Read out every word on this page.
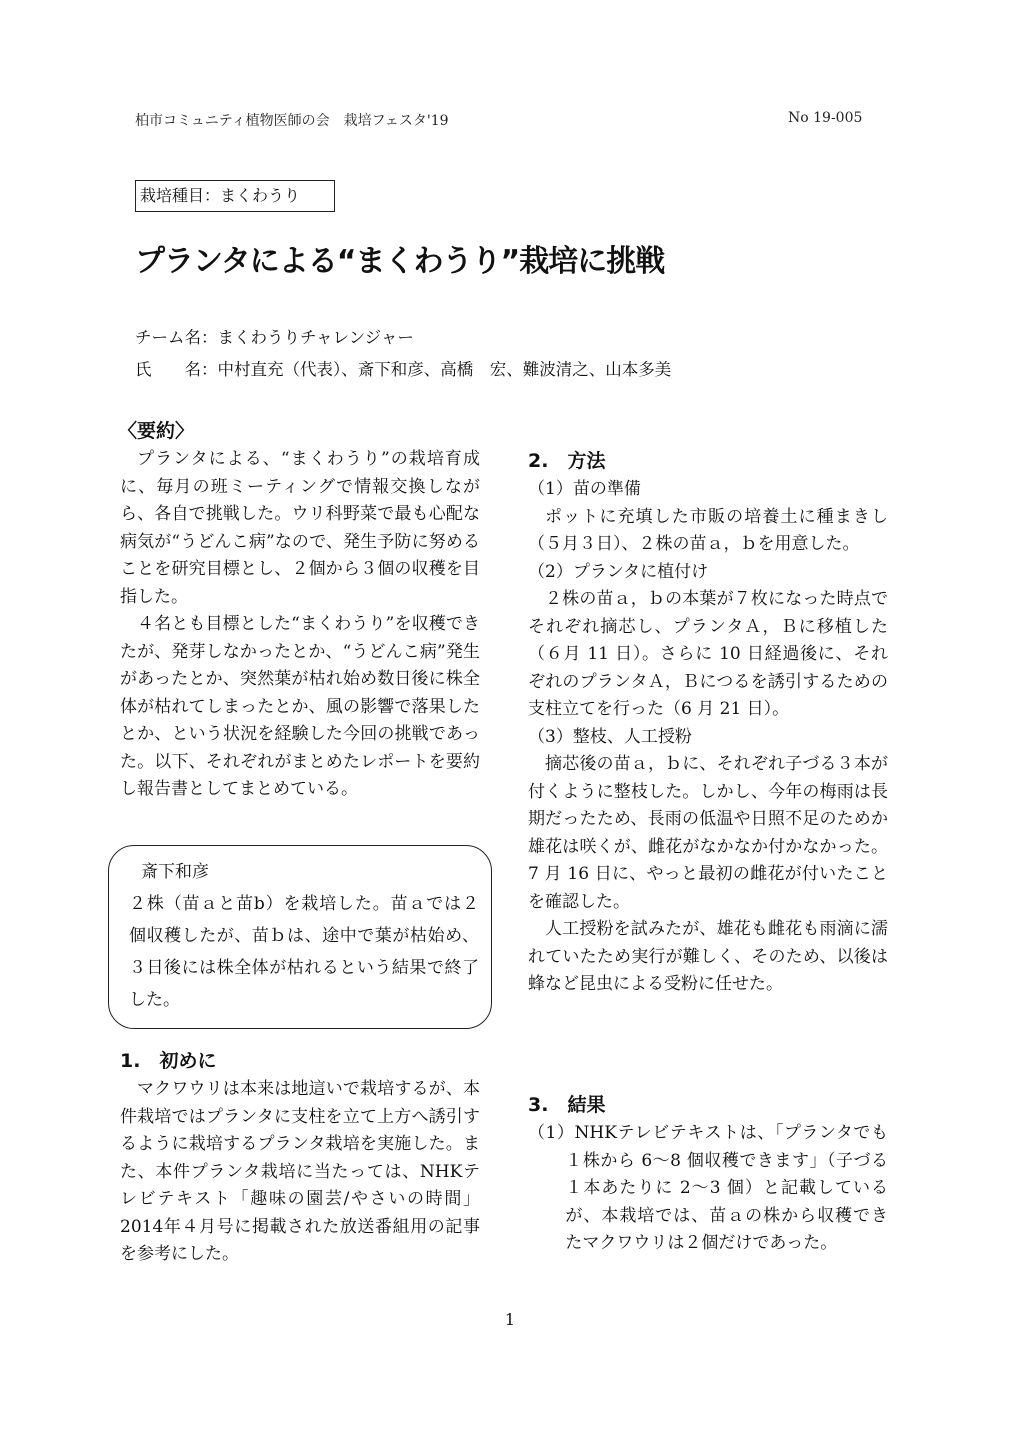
柏市コミュニティ植物医師の会　栽培フェスタ'19	No 19-005
栽培種目：まくわうり
プランタによる“まくわうり”栽培に挑戦
チーム名：まくわうりチャレンジャー
氏　　名：中村直充（代表）、斎下和彦、高橋　宏、難波清之、山本多美
〈要約〉

プランタによる、“まくわうり”の栽培育成に、毎月の班ミーティングで情報交換しながら、各自で挑戦した。ウリ科野菜で最も心配な病気が“うどんこ病”なので、発生予防に努めることを研究目標とし、２個から３個の収穫を目指した。

４名とも目標とした“まくわうり”を収穫できたが、発芽しなかったとか、“うどんこ病”発生があったとか、突然葉が枯れ始め数日後に株全体が枯れてしまったとか、風の影響で落果したとか、という状況を経験した今回の挑戦であった。以下、それぞれがまとめたレポートを要約し報告書としてまとめている。

斎下和彦

２株（苗ａと苗b）を栽培した。苗ａでは２個収穫したが、苗ｂは、途中で葉が枯始め、３日後には株全体が枯れるという結果で終了した。

1.　初めに

マクワウリは本来は地這いで栽培するが、本件栽培ではプランタに支柱を立て上方へ誘引するように栽培するプランタ栽培を実施した。また、本件プランタ栽培に当たっては、NHKテレビテキスト「趣味の園芸/やさいの時間」2014年４月号に掲載された放送番組用の記事を参考にした。

2.　方法
（1）苗の準備

ポットに充填した市販の培養土に種まきし（５月３日）、２株の苗ａ，ｂを用意した。

（2）プランタに植付け

２株の苗ａ，ｂの本葉が７枚になった時点でそれぞれ摘芯し、プランタＡ，Ｂに移植した（６月 11 日）。さらに 10 日経過後に、それぞれのプランタＡ，Ｂにつるを誘引するための支柱立てを行った（6 月 21 日）。

（3）整枝、人工授粉

摘芯後の苗ａ，ｂに、それぞれ子づる３本が付くように整枝した。しかし、今年の梅雨は長期だったため、長雨の低温や日照不足のためか雄花は咲くが、雌花がなかなか付かなかった。7 月 16 日に、やっと最初の雌花が付いたことを確認した。

人工授粉を試みたが、雄花も雌花も雨滴に濡れていたため実行が難しく、そのため、以後は蜂など昆虫による受粉に任せた。

3.　結果

（1）NHKテレビテキストは、「プランタでも１株から 6〜8 個収穫できます」（子づる１本あたりに 2〜3 個）と記載しているが、本栽培では、苗ａの株から収穫できたマクワウリは２個だけであった。

1
